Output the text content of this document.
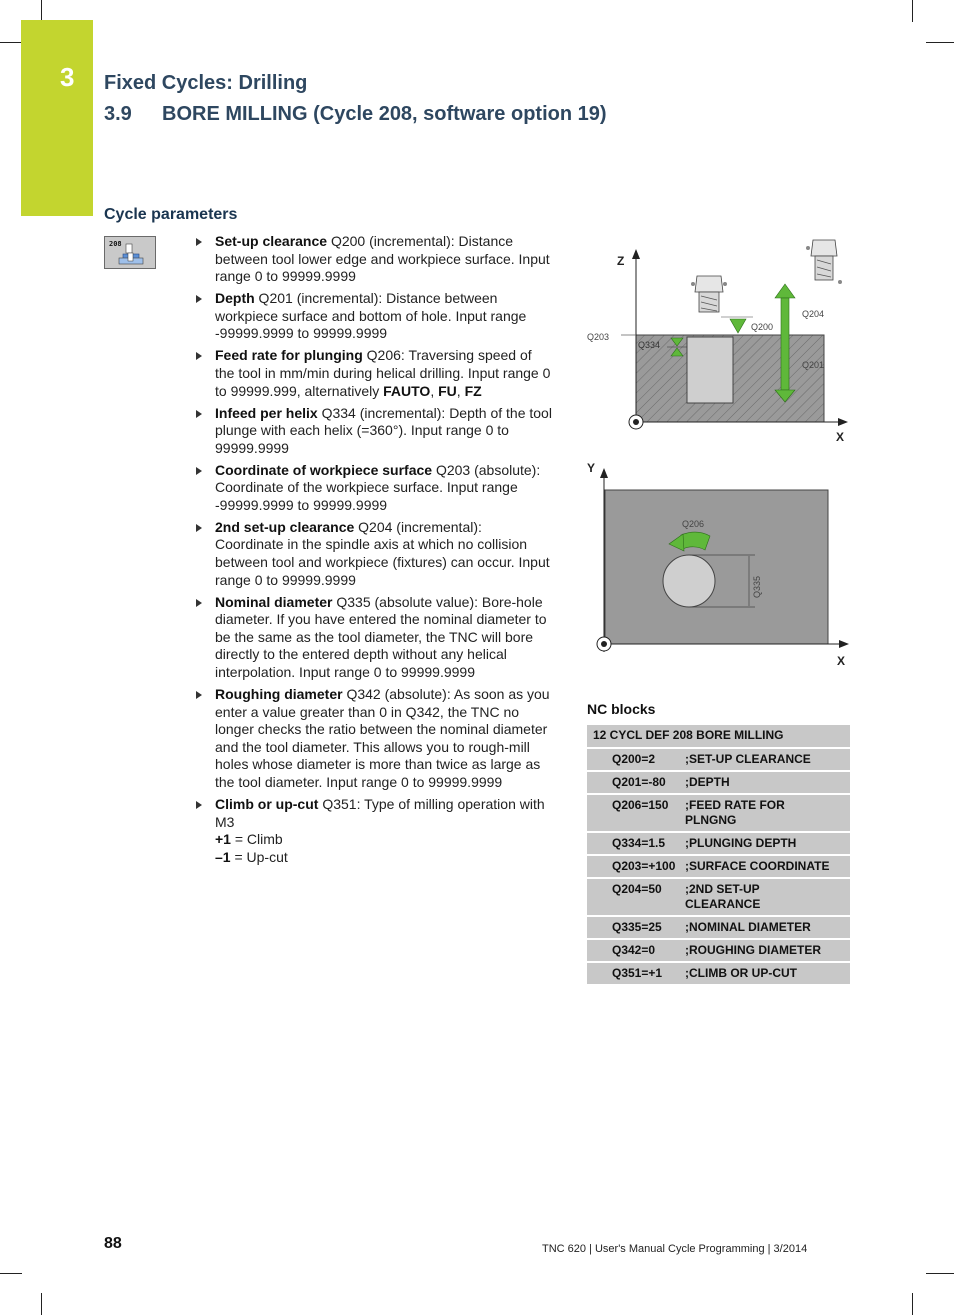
3 Fixed Cycles: Drilling
3.9 BORE MILLING (Cycle 208, software option 19)
Cycle parameters
208	Set-up clearance Q200 (incremental): Distance between tool lower edge and workpiece surface. Input range 0 to 99999.9999
Depth Q201 (incremental): Distance between workpiece surface and bottom of hole. Input range -99999.9999 to 99999.9999
Feed rate for plunging Q206: Traversing speed of the tool in mm/min during helical drilling. Input range 0 to 99999.999, alternatively FAUTO, FU, FZ
Infeed per helix Q334 (incremental): Depth of the tool plunge with each helix (=360°). Input range 0 to 99999.9999
Coordinate of workpiece surface Q203 (absolute): Coordinate of the workpiece surface. Input range -99999.9999 to 99999.9999
2nd set-up clearance Q204 (incremental): Coordinate in the spindle axis at which no collision between tool and workpiece (fixtures) can occur. Input range 0 to 99999.9999
Nominal diameter Q335 (absolute value): Bore-hole diameter. If you have entered the nominal diameter to be the same as the tool diameter, the TNC will bore directly to the entered depth without any helical interpolation. Input range 0 to 99999.9999
Roughing diameter Q342 (absolute): As soon as you enter a value greater than 0 in Q342, the TNC no longer checks the ratio between the nominal diameter and the tool diameter. This allows you to rough-mill holes whose diameter is more than twice as large as the tool diameter. Input range 0 to 99999.9999
Climb or up-cut Q351: Type of milling operation with M3
+1 = Climb
–1 = Up-cut
Z
X
Q203
Q334
Q200
Q204
Q201
Y
X
Q335
Q206
NC blocks
12 CYCL DEF 208 BORE MILLING
Q200=2	;SET-UP CLEARANCE
Q201=-80	;DEPTH
Q206=150	;FEED RATE FOR PLNGNG
Q334=1.5	;PLUNGING DEPTH
Q203=+100 ;SURFACE COORDINATE
Q204=50	;2ND SET-UP CLEARANCE
Q335=25	;NOMINAL DIAMETER
Q342=0	;ROUGHING DIAMETER
Q351=+1	;CLIMB OR UP-CUT
88	TNC 620 | User's Manual Cycle Programming | 3/2014
